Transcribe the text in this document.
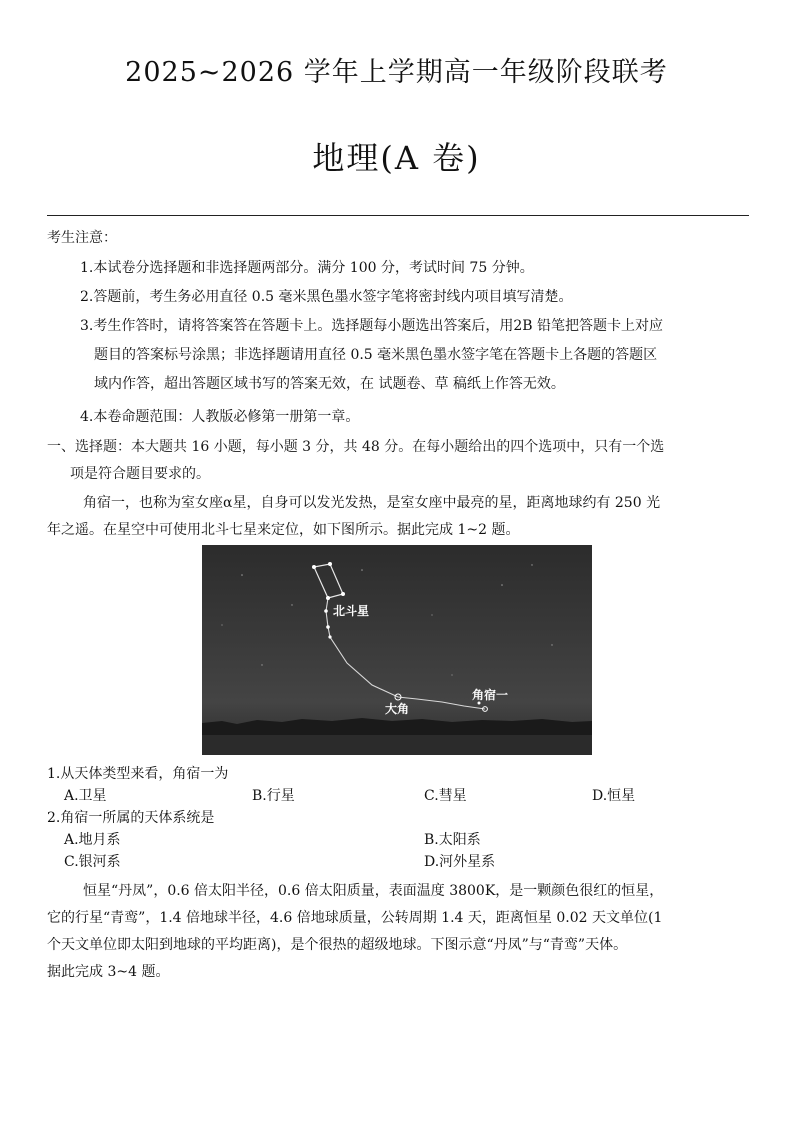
2025~2026 学年上学期高一年级阶段联考
地理(A 卷)
考生注意：
1.本试卷分选择题和非选择题两部分。满分 100 分，考试时间 75 分钟。
2.答题前，考生务必用直径 0.5 毫米黑色墨水签字笔将密封线内项目填写清楚。
3.考生作答时，请将答案答在答题卡上。选择题每小题选出答案后，用2B 铅笔把答题卡上对应
题目的答案标号涂黑；非选择题请用直径 0.5 毫米黑色墨水签字笔在答题卡上各题的答题区
域内作答，超出答题区域书写的答案无效，在 试题卷、草 稿纸上作答无效。
4.本卷命题范围：人教版必修第一册第一章。
一、选择题：本大题共 16 小题，每小题 3 分，共 48 分。在每小题给出的四个选项中，只有一个选
项是符合题目要求的。
角宿一，也称为室女座α星，自身可以发光发热，是室女座中最亮的星，距离地球约有 250 光
年之遥。在星空中可使用北斗七星来定位，如下图所示。据此完成 1~2 题。
北斗星
大角
角宿一
1.从天体类型来看，角宿一为
A.卫星	B.行星	C.彗星	D.恒星
2.角宿一所属的天体系统是
A.地月系	B.太阳系
C.银河系	D.河外星系
恒星“丹凤”，0.6 倍太阳半径，0.6 倍太阳质量，表面温度 3800K，是一颗颜色很红的恒星，
它的行星“青鸾”，1.4 倍地球半径，4.6 倍地球质量，公转周期 1.4 天，距离恒星 0.02 天文单位(1
个天文单位即太阳到地球的平均距离)，是个很热的超级地球。下图示意“丹凤”与“青鸾”天体。
据此完成 3~4 题。
